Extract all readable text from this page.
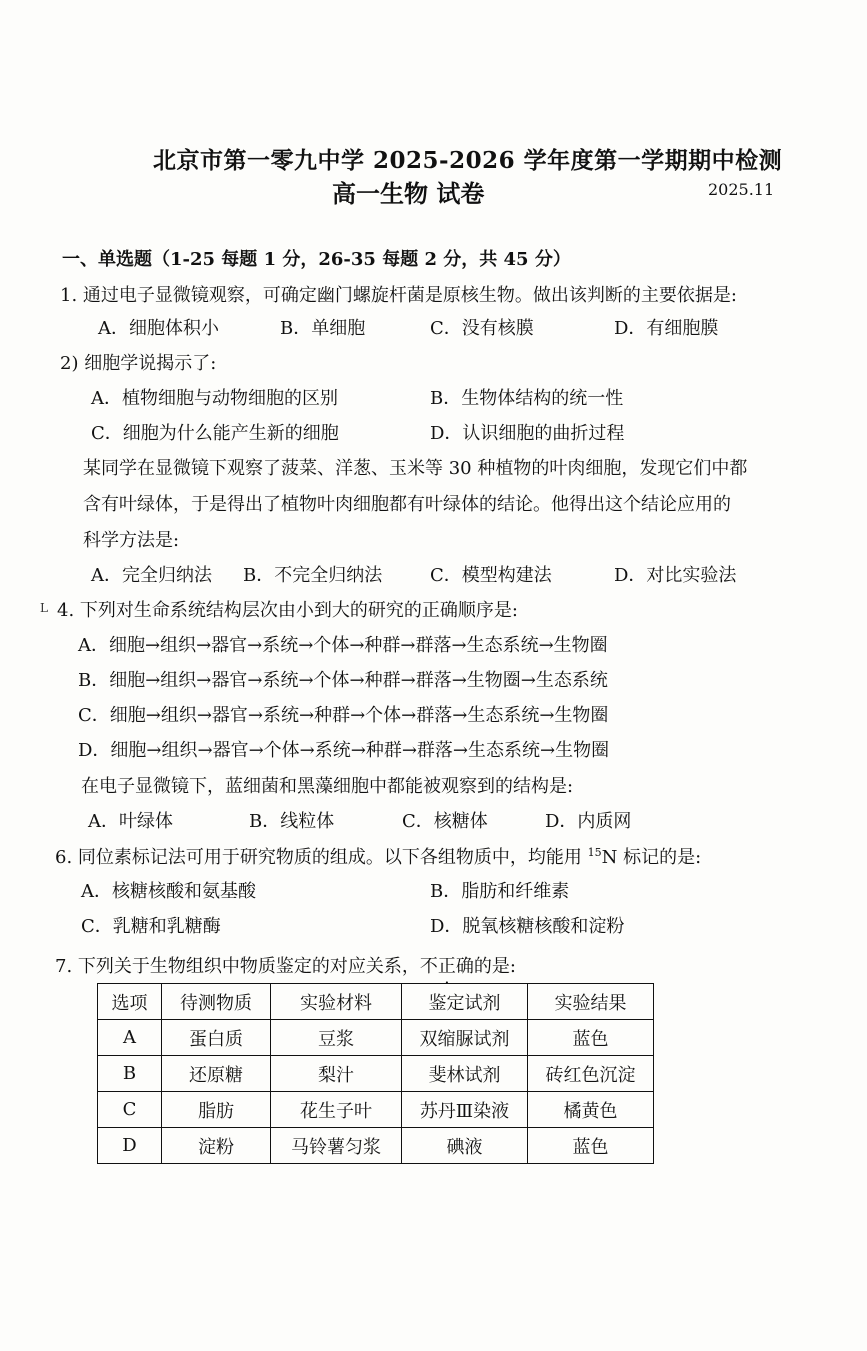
北京市第一零九中学 2025-2026 学年度第一学期期中检测
高一生物 试卷	2025.11
一、单选题（1-25 每题 1 分，26-35 每题 2 分，共 45 分）
1. 通过电子显微镜观察，可确定幽门螺旋杆菌是原核生物。做出该判断的主要依据是:
A．细胞体积小	B．单细胞	C．没有核膜	D．有细胞膜
2) 细胞学说揭示了:
A．植物细胞与动物细胞的区别	B．生物体结构的统一性
C．细胞为什么能产生新的细胞	D．认识细胞的曲折过程
某同学在显微镜下观察了菠菜、洋葱、玉米等 30 种植物的叶肉细胞，发现它们中都
含有叶绿体，于是得出了植物叶肉细胞都有叶绿体的结论。他得出这个结论应用的
科学方法是:
A．完全归纳法 B．不完全归纳法	C．模型构建法	D．对比实验法
L 4. 下列对生命系统结构层次由小到大的研究的正确顺序是:
A．细胞→组织→器官→系统→个体→种群→群落→生态系统→生物圈
B．细胞→组织→器官→系统→个体→种群→群落→生物圈→生态系统
C．细胞→组织→器官→系统→种群→个体→群落→生态系统→生物圈
D．细胞→组织→器官→个体→系统→种群→群落→生态系统→生物圈
在电子显微镜下，蓝细菌和黑藻细胞中都能被观察到的结构是:
A．叶绿体	B．线粒体	C．核糖体	D．内质网
6. 同位素标记法可用于研究物质的组成。以下各组物质中，均能用 $^{15}$N 标记的是:
A．核糖核酸和氨基酸	B．脂肪和纤维素
C．乳糖和乳糖酶	D．脱氧核糖核酸和淀粉
7. 下列关于生物组织中物质鉴定的对应关系，不正确的是:
选项	待测物质	实验材料	鉴定试剂	实验结果
A	蛋白质	豆浆	双缩脲试剂	蓝色
B	还原糖	梨汁	斐林试剂	砖红色沉淀
C	脂肪	花生子叶	苏丹Ⅲ染液	橘黄色
D	淀粉	马铃薯匀浆	碘液	蓝色
